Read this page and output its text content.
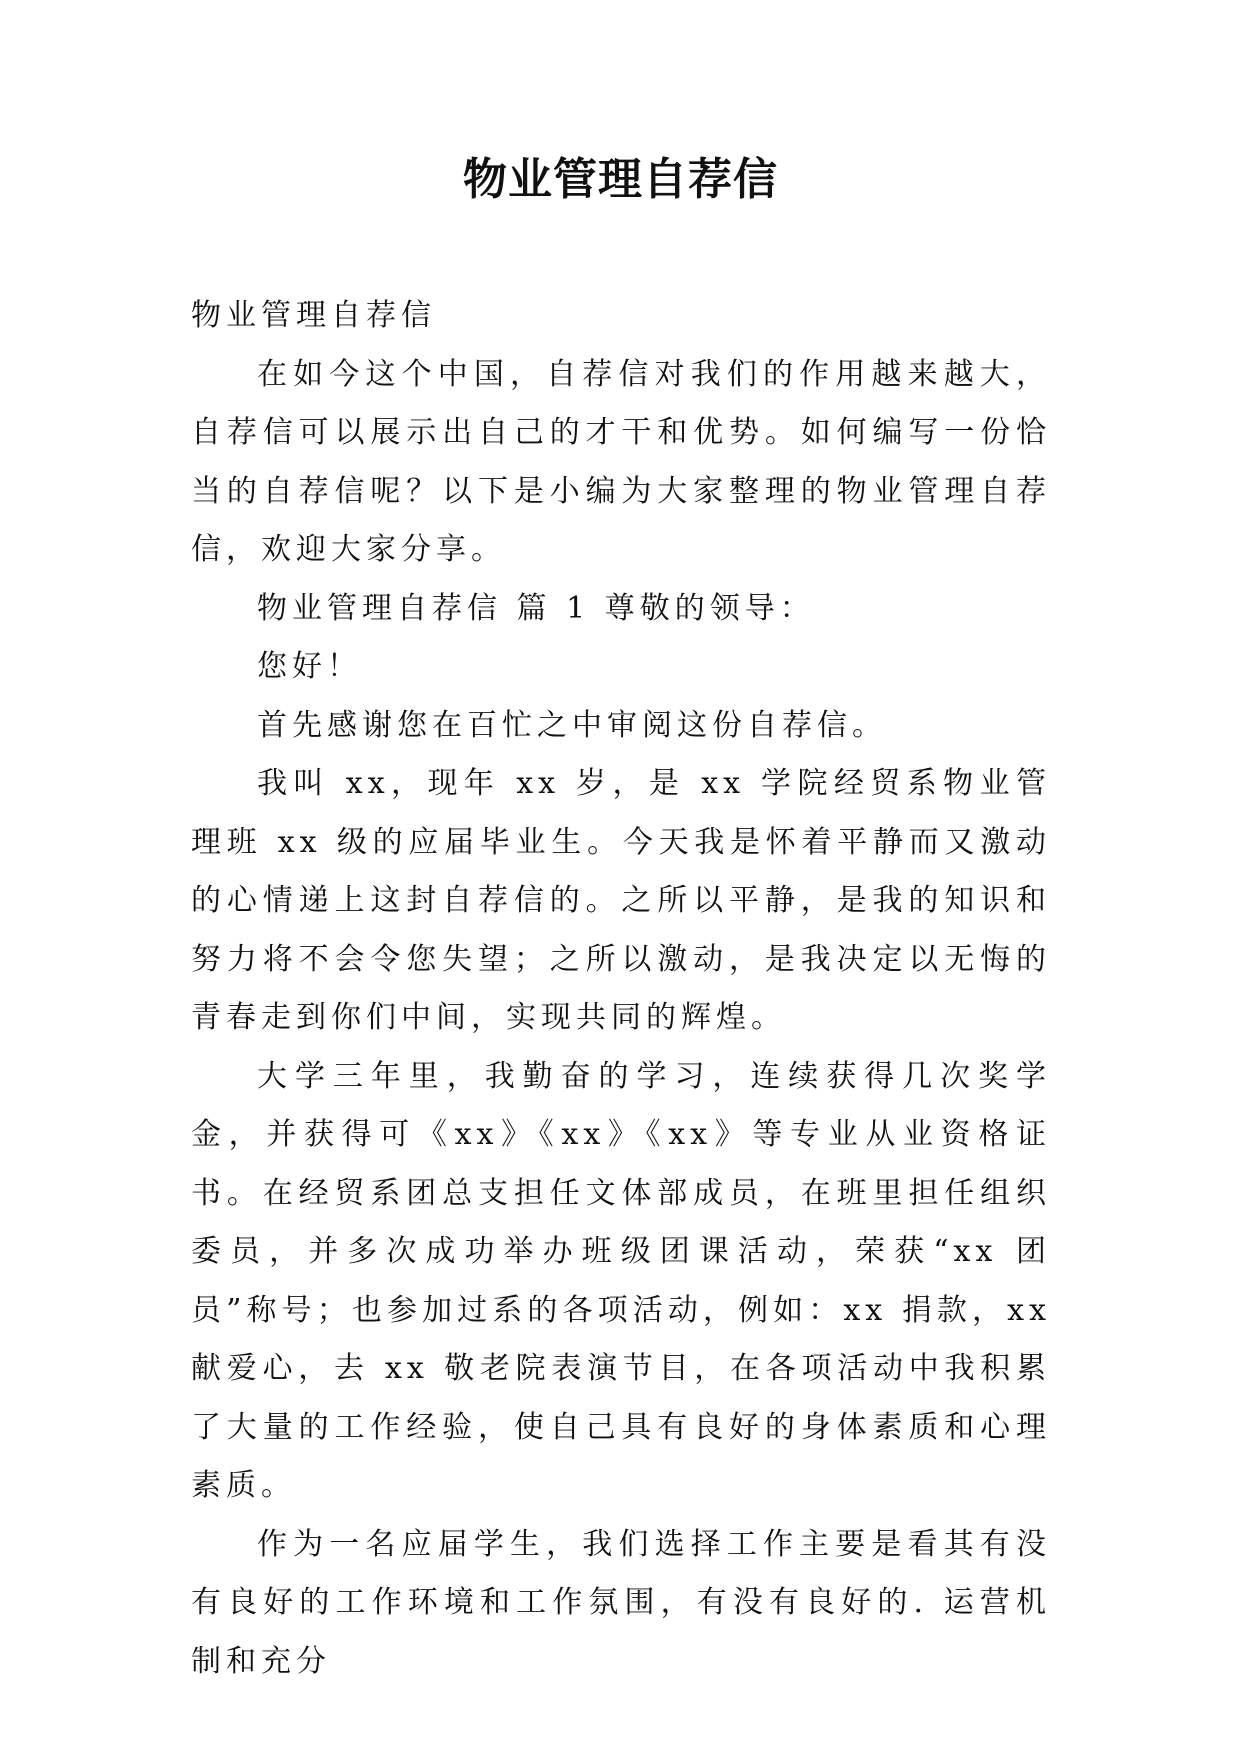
物业管理自荐信

物业管理自荐信

在如今这个中国，自荐信对我们的作用越来越大，自荐信可以展示出自己的才干和优势。如何编写一份恰当的自荐信呢？以下是小编为大家整理的物业管理自荐信，欢迎大家分享。

物业管理自荐信 篇 1 尊敬的领导：

您好！

首先感谢您在百忙之中审阅这份自荐信。

我叫 xx，现年 xx 岁，是 xx 学院经贸系物业管理班 xx 级的应届毕业生。今天我是怀着平静而又激动的心情递上这封自荐信的。之所以平静，是我的知识和努力将不会令您失望；之所以激动，是我决定以无悔的青春走到你们中间，实现共同的辉煌。

大学三年里，我勤奋的学习，连续获得几次奖学金，并获得可《xx》《xx》《xx》等专业从业资格证书。在经贸系团总支担任文体部成员，在班里担任组织委员，并多次成功举办班级团课活动，荣获“xx 团员”称号；也参加过系的各项活动，例如：xx 捐款，xx 献爱心，去 xx 敬老院表演节目，在各项活动中我积累了大量的工作经验，使自己具有良好的身体素质和心理素质。

作为一名应届学生，我们选择工作主要是看其有没有良好的工作环境和工作氛围，有没有良好的. 运营机制和充分
